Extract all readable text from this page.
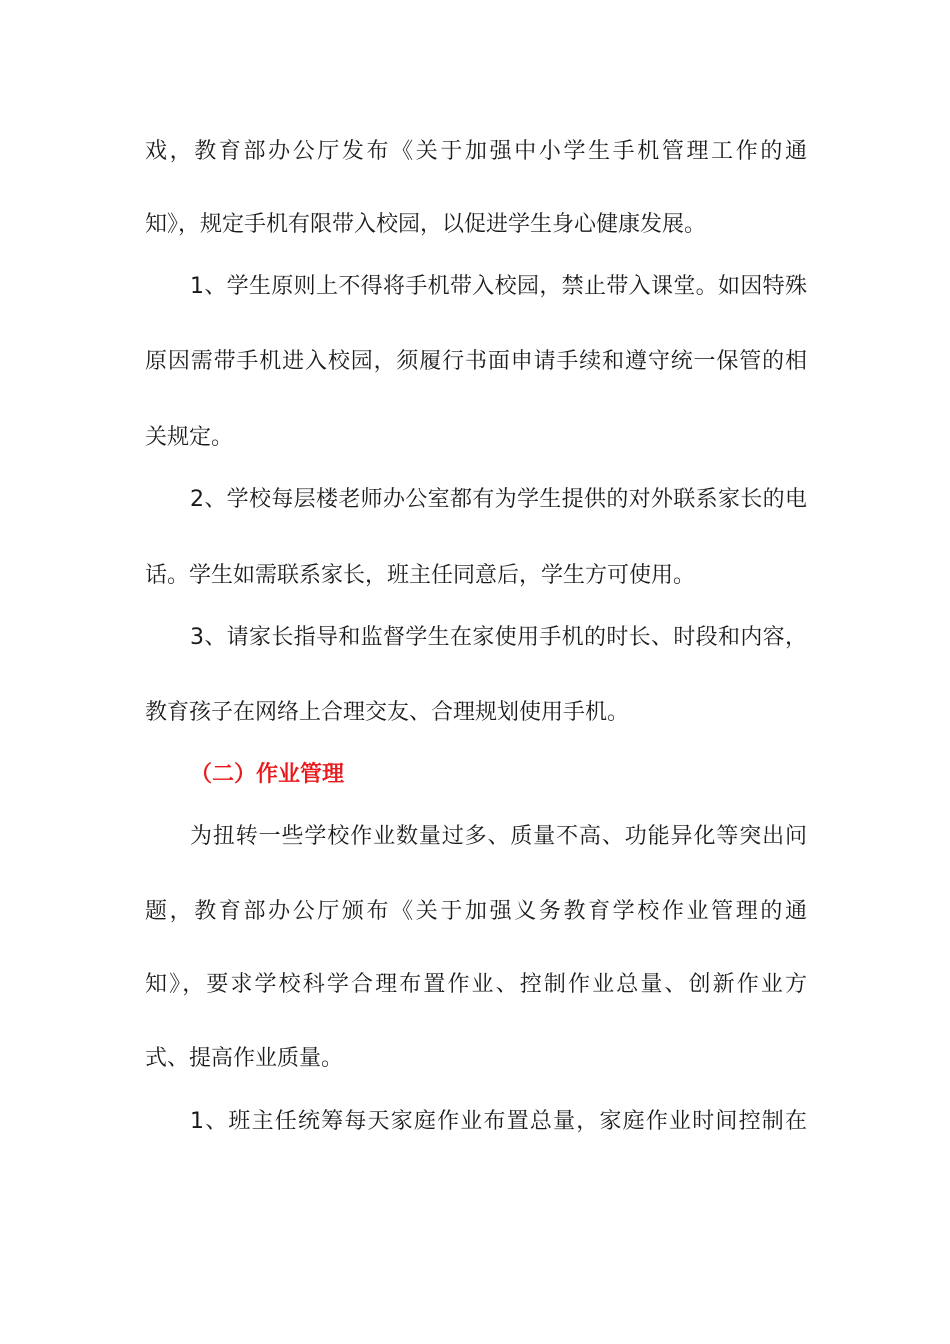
戏，教育部办公厅发布《关于加强中小学生手机管理工作的通
知》，规定手机有限带入校园，以促进学生身心健康发展。
1、学生原则上不得将手机带入校园，禁止带入课堂。如因特殊
原因需带手机进入校园，须履行书面申请手续和遵守统一保管的相
关规定。
2、学校每层楼老师办公室都有为学生提供的对外联系家长的电
话。学生如需联系家长，班主任同意后，学生方可使用。
3、请家长指导和监督学生在家使用手机的时长、时段和内容，
教育孩子在网络上合理交友、合理规划使用手机。
（二）作业管理
为扭转一些学校作业数量过多、质量不高、功能异化等突出问
题，教育部办公厅颁布《关于加强义务教育学校作业管理的通
知》，要求学校科学合理布置作业、控制作业总量、创新作业方
式、提高作业质量。
1、班主任统筹每天家庭作业布置总量，家庭作业时间控制在
